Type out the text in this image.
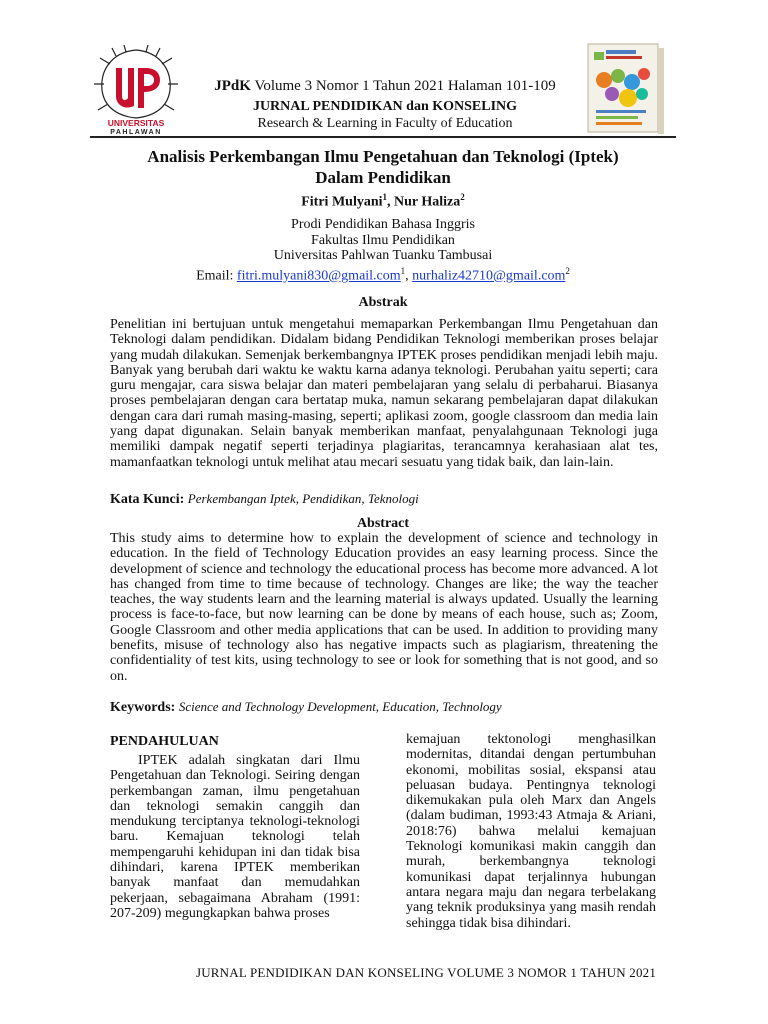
UNIVERSITAS
PAHLAWAN
JPdK Volume 3 Nomor 1 Tahun 2021 Halaman 101-109
JURNAL PENDIDIKAN dan KONSELING
Research & Learning in Faculty of Education
Analisis Perkembangan Ilmu Pengetahuan dan Teknologi (Iptek)
Dalam Pendidikan
Fitri Mulyani$^1$, Nur Haliza$^2$
Prodi Pendidikan Bahasa Inggris
Fakultas Ilmu Pendidikan
Universitas Pahlwan Tuanku Tambusai
Email: fitri.mulyani830@gmail.com$^1$, nurhaliz42710@gmail.com$^2$
Abstrak
Penelitian ini bertujuan untuk mengetahui memaparkan Perkembangan Ilmu Pengetahuan dan Teknologi dalam pendidikan. Didalam bidang Pendidikan Teknologi memberikan proses belajar yang mudah dilakukan. Semenjak berkembangnya IPTEK proses pendidikan menjadi lebih maju. Banyak yang berubah dari waktu ke waktu karna adanya teknologi. Perubahan yaitu seperti; cara guru mengajar, cara siswa belajar dan materi pembelajaran yang selalu di perbaharui. Biasanya proses pembelajaran dengan cara bertatap muka, namun sekarang pembelajaran dapat dilakukan dengan cara dari rumah masing-masing, seperti; aplikasi zoom, google classroom dan media lain yang dapat digunakan. Selain banyak memberikan manfaat, penyalahgunaan Teknologi juga memiliki dampak negatif seperti terjadinya plagiaritas, terancamnya kerahasiaan alat tes, mamanfaatkan teknologi untuk melihat atau mecari sesuatu yang tidak baik, dan lain-lain.
Kata Kunci: Perkembangan Iptek, Pendidikan, Teknologi
Abstract
This study aims to determine how to explain the development of science and technology in education. In the field of Technology Education provides an easy learning process. Since the development of science and technology the educational process has become more advanced. A lot has changed from time to time because of technology. Changes are like; the way the teacher teaches, the way students learn and the learning material is always updated. Usually the learning process is face-to-face, but now learning can be done by means of each house, such as; Zoom, Google Classroom and other media applications that can be used. In addition to providing many benefits, misuse of technology also has negative impacts such as plagiarism, threatening the confidentiality of test kits, using technology to see or look for something that is not good, and so on.
Keywords: Science and Technology Development, Education, Technology
PENDAHULUAN
IPTEK adalah singkatan dari Ilmu Pengetahuan dan Teknologi. Seiring dengan perkembangan zaman, ilmu pengetahuan dan teknologi semakin canggih dan mendukung terciptanya teknologi-teknologi baru. Kemajuan teknologi telah mempengaruhi kehidupan ini dan tidak bisa dihindari, karena IPTEK memberikan banyak manfaat dan memudahkan pekerjaan, sebagaimana Abraham (1991: 207-209) megungkapkan bahwa proses
kemajuan tektonologi menghasilkan modernitas, ditandai dengan pertumbuhan ekonomi, mobilitas sosial, ekspansi atau peluasan budaya. Pentingnya teknologi dikemukakan pula oleh Marx dan Angels (dalam budiman, 1993:43 Atmaja & Ariani, 2018:76) bahwa melalui kemajuan Teknologi komunikasi makin canggih dan murah, berkembangnya teknologi komunikasi dapat terjalinnya hubungan antara negara maju dan negara terbelakang yang teknik produksinya yang masih rendah sehingga tidak bisa dihindari.
JURNAL PENDIDIKAN DAN KONSELING VOLUME 3 NOMOR 1 TAHUN 2021
